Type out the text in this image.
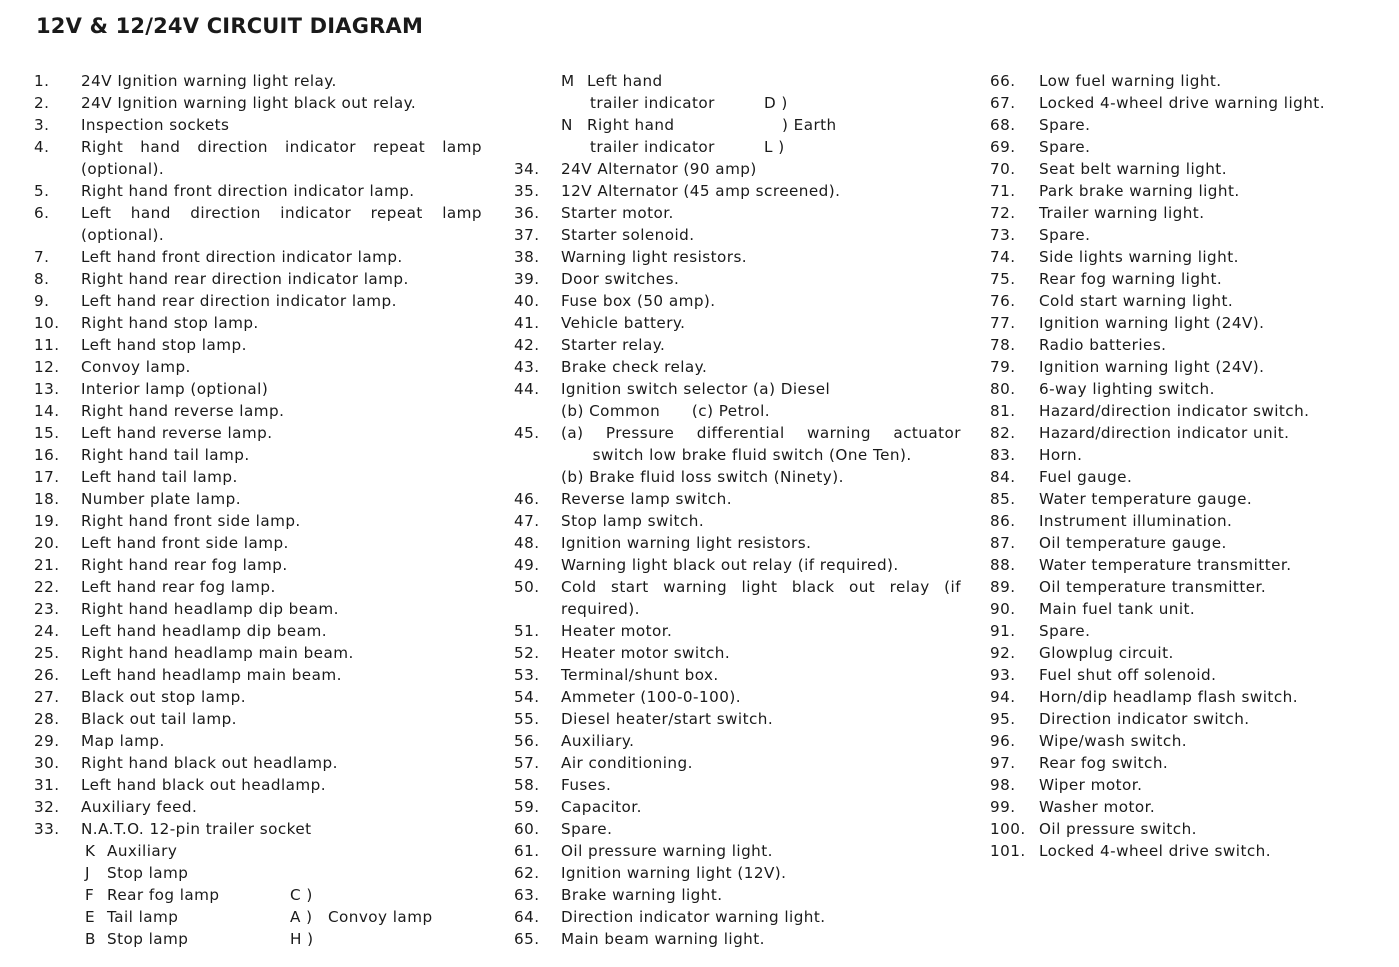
12V & 12/24V CIRCUIT DIAGRAM
1. 24V Ignition warning light relay.
2. 24V Ignition warning light black out relay.
3. Inspection sockets
4. Right hand direction indicator repeat lamp
(optional).
5. Right hand front direction indicator lamp.
6. Left hand direction indicator repeat lamp
(optional).
7. Left hand front direction indicator lamp.
8. Right hand rear direction indicator lamp.
9. Left hand rear direction indicator lamp.
10. Right hand stop lamp.
11. Left hand stop lamp.
12. Convoy lamp.
13. Interior lamp (optional)
14. Right hand reverse lamp.
15. Left hand reverse lamp.
16. Right hand tail lamp.
17. Left hand tail lamp.
18. Number plate lamp.
19. Right hand front side lamp.
20. Left hand front side lamp.
21. Right hand rear fog lamp.
22. Left hand rear fog lamp.
23. Right hand headlamp dip beam.
24. Left hand headlamp dip beam.
25. Right hand headlamp main beam.
26. Left hand headlamp main beam.
27. Black out stop lamp.
28. Black out tail lamp.
29. Map lamp.
30. Right hand black out headlamp.
31. Left hand black out headlamp.
32. Auxiliary feed.
33. N.A.T.O. 12-pin trailer socket
K Auxiliary
J Stop lamp
F Rear fog lamp	C )
E Tail lamp	A ) Convoy lamp
B Stop lamp	H )
M Left hand
trailer indicator	D )
N Right hand	) Earth
trailer indicator	L )
34. 24V Alternator (90 amp)
35. 12V Alternator (45 amp screened).
36. Starter motor.
37. Starter solenoid.
38. Warning light resistors.
39. Door switches.
40. Fuse box (50 amp).
41. Vehicle battery.
42. Starter relay.
43. Brake check relay.
44. Ignition switch selector (a) Diesel
(b) Common      (c) Petrol.
45. (a) Pressure differential warning actuator
switch low brake fluid switch (One Ten).
(b) Brake fluid loss switch (Ninety).
46. Reverse lamp switch.
47. Stop lamp switch.
48. Ignition warning light resistors.
49. Warning light black out relay (if required).
50. Cold start warning light black out relay (if
required).
51. Heater motor.
52. Heater motor switch.
53. Terminal/shunt box.
54. Ammeter (100-0-100).
55. Diesel heater/start switch.
56. Auxiliary.
57. Air conditioning.
58. Fuses.
59. Capacitor.
60. Spare.
61. Oil pressure warning light.
62. Ignition warning light (12V).
63. Brake warning light.
64. Direction indicator warning light.
65. Main beam warning light.
66. Low fuel warning light.
67. Locked 4-wheel drive warning light.
68. Spare.
69. Spare.
70. Seat belt warning light.
71. Park brake warning light.
72. Trailer warning light.
73. Spare.
74. Side lights warning light.
75. Rear fog warning light.
76. Cold start warning light.
77. Ignition warning light (24V).
78. Radio batteries.
79. Ignition warning light (24V).
80. 6-way lighting switch.
81. Hazard/direction indicator switch.
82. Hazard/direction indicator unit.
83. Horn.
84. Fuel gauge.
85. Water temperature gauge.
86. Instrument illumination.
87. Oil temperature gauge.
88. Water temperature transmitter.
89. Oil temperature transmitter.
90. Main fuel tank unit.
91. Spare.
92. Glowplug circuit.
93. Fuel shut off solenoid.
94. Horn/dip headlamp flash switch.
95. Direction indicator switch.
96. Wipe/wash switch.
97. Rear fog switch.
98. Wiper motor.
99. Washer motor.
100. Oil pressure switch.
101. Locked 4-wheel drive switch.
